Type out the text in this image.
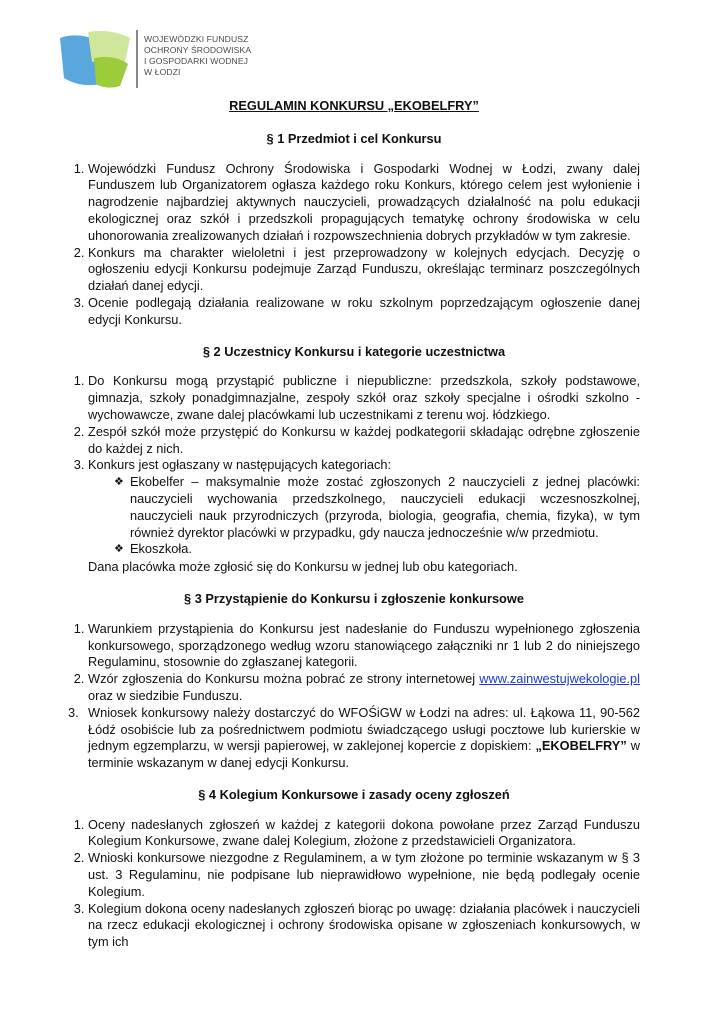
WOJEWÓDZKI FUNDUSZ
OCHRONY ŚRODOWISKA
I GOSPODARKI WODNEJ
W ŁODZI
REGULAMIN KONKURSU „EKOBELFRY”
§ 1 Przedmiot i cel Konkursu
1. Wojewódzki Fundusz Ochrony Środowiska i Gospodarki Wodnej w Łodzi, zwany dalej Funduszem lub Organizatorem ogłasza każdego roku Konkurs, którego celem jest wyłonienie i nagrodzenie najbardziej aktywnych nauczycieli, prowadzących działalność na polu edukacji ekologicznej oraz szkół i przedszkoli propagujących tematykę ochrony środowiska w celu uhonorowania zrealizowanych działań i rozpowszechnienia dobrych przykładów w tym zakresie.
2. Konkurs ma charakter wieloletni i jest przeprowadzony w kolejnych edycjach. Decyzję o ogłoszeniu edycji Konkursu podejmuje Zarząd Funduszu, określając terminarz poszczególnych działań danej edycji.
3. Ocenie podlegają działania realizowane w roku szkolnym poprzedzającym ogłoszenie danej edycji Konkursu.
§ 2 Uczestnicy Konkursu i kategorie uczestnictwa
1. Do Konkursu mogą przystąpić publiczne i niepubliczne: przedszkola, szkoły podstawowe, gimnazja, szkoły ponadgimnazjalne, zespoły szkół oraz szkoły specjalne i ośrodki szkolno - wychowawcze, zwane dalej placówkami lub uczestnikami z terenu woj. łódzkiego.
2. Zespół szkół może przystępić do Konkursu w każdej podkategorii składając odrębne zgłoszenie do każdej z nich.
3. Konkurs jest ogłaszany w następujących kategoriach:
❖ Ekobelfer – maksymalnie może zostać zgłoszonych 2 nauczycieli z jednej placówki: nauczycieli wychowania przedszkolnego, nauczycieli edukacji wczesnoszkolnej, nauczycieli nauk przyrodniczych (przyroda, biologia, geografia, chemia, fizyka), w tym również dyrektor placówki w przypadku, gdy naucza jednocześnie w/w przedmiotu.
❖ Ekoszkoła.
Dana placówka może zgłosić się do Konkursu w jednej lub obu kategoriach.
§ 3 Przystąpienie do Konkursu i zgłoszenie konkursowe
1. Warunkiem przystąpienia do Konkursu jest nadesłanie do Funduszu wypełnionego zgłoszenia konkursowego, sporządzonego według wzoru stanowiącego załączniki nr 1 lub 2 do niniejszego Regulaminu, stosownie do zgłaszanej kategorii.
2. Wzór zgłoszenia do Konkursu można pobrać ze strony internetowej www.zainwestujwekologie.pl oraz w siedzibie Funduszu.
3. Wniosek konkursowy należy dostarczyć do WFOŚiGW w Łodzi na adres: ul. Łąkowa 11, 90-562 Łódź osobiście lub za pośrednictwem podmiotu świadczącego usługi pocztowe lub kurierskie w jednym egzemplarzu, w wersji papierowej, w zaklejonej kopercie z dopiskiem: „EKOBELFRY” w terminie wskazanym w danej edycji Konkursu.
§ 4 Kolegium Konkursowe i zasady oceny zgłoszeń
1. Oceny nadesłanych zgłoszeń w każdej z kategorii dokona powołane przez Zarząd Funduszu Kolegium Konkursowe, zwane dalej Kolegium, złożone z przedstawicieli Organizatora.
2. Wnioski konkursowe niezgodne z Regulaminem, a w tym złożone po terminie wskazanym w § 3 ust. 3 Regulaminu, nie podpisane lub nieprawidłowo wypełnione, nie będą podlegały ocenie Kolegium.
3. Kolegium dokona oceny nadesłanych zgłoszeń biorąc po uwagę: działania placówek i nauczycieli na rzecz edukacji ekologicznej i ochrony środowiska opisane w zgłoszeniach konkursowych, w tym ich
